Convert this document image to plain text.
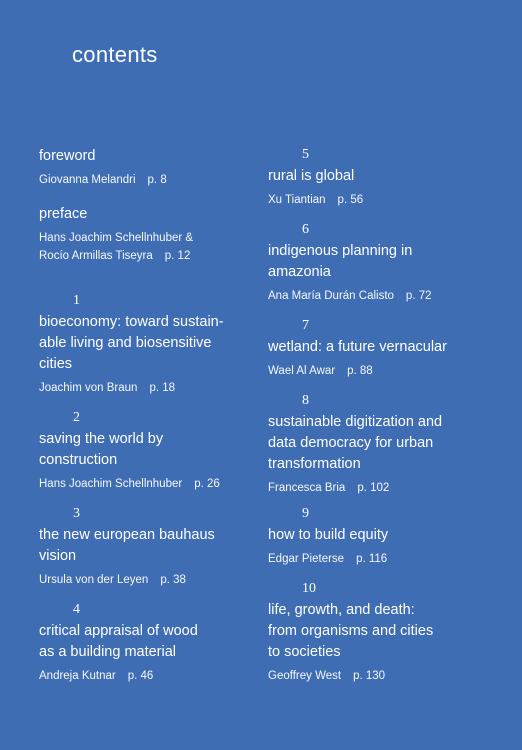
contents
foreword
Giovanna Melandri p. 8
preface
Hans Joachim Schellnhuber &
Rocío Armillas Tiseyra p. 12
1
bioeconomy: toward sustain-
able living and biosensitive
cities
Joachim von Braun p. 18
2
saving the world by
construction
Hans Joachim Schellnhuber p. 26
3
the new european bauhaus
vision
Ursula von der Leyen p. 38
4
critical appraisal of wood
as a building material
Andreja Kutnar p. 46
5
rural is global
Xu Tiantian p. 56
6
indigenous planning in
amazonia
Ana María Durán Calisto p. 72
7
wetland: a future vernacular
Wael Al Awar p. 88
8
sustainable digitization and
data democracy for urban
transformation
Francesca Bria p. 102
9
how to build equity
Edgar Pieterse p. 116
10
life, growth, and death:
from organisms and cities
to societies
Geoffrey West p. 130
